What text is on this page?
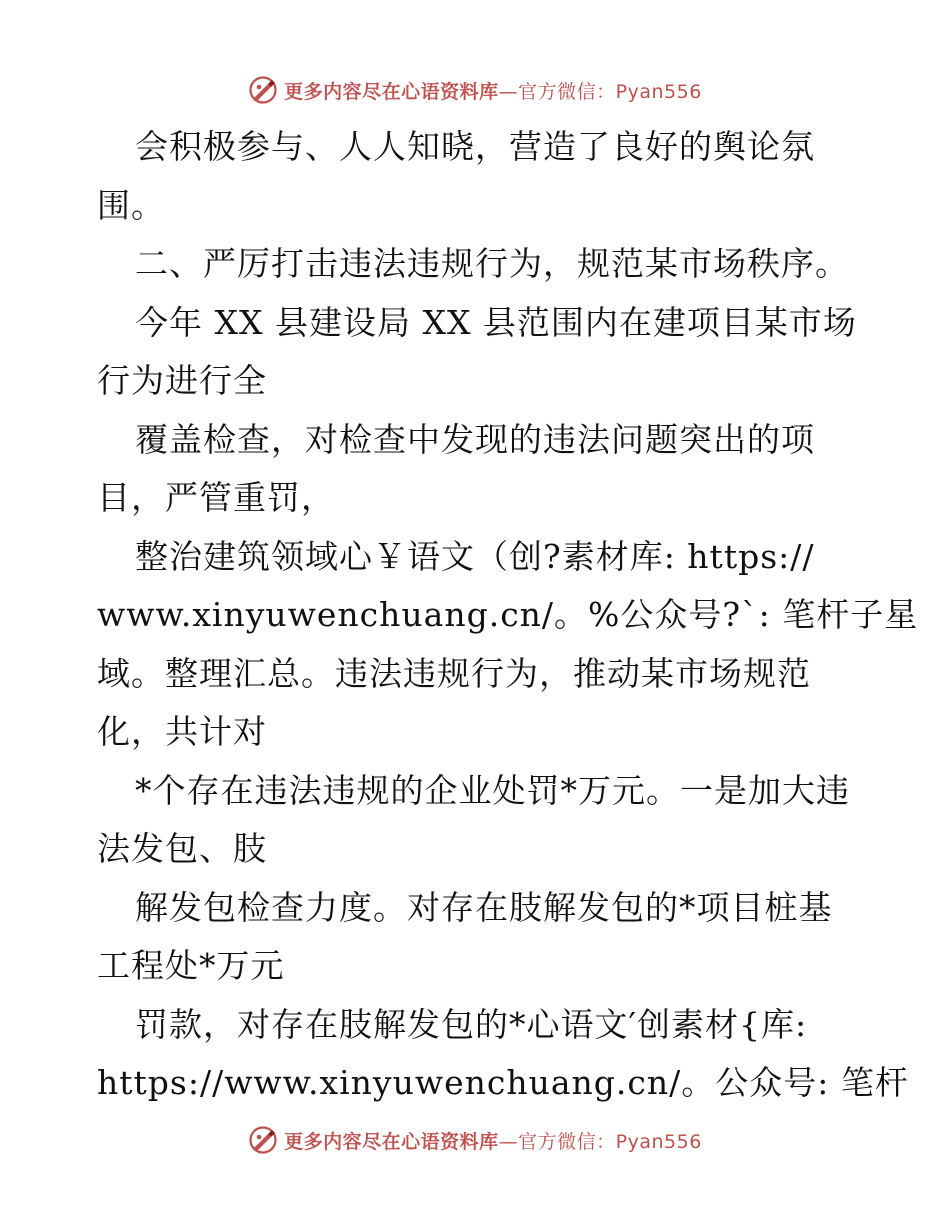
更多内容尽在心语资料库—官方微信：Pyan556
会积极参与、人人知晓，营造了良好的舆论氛
围。
二、严厉打击违法违规行为，规范某市场秩序。
今年 XX 县建设局 XX 县范围内在建项目某市场
行为进行全
覆盖检查，对检查中发现的违法问题突出的项
目，严管重罚，
整治建筑领域心￥语文（创?素材库: https://
www.xinyuwenchuang.cn/。%公众号?`: 笔杆子星
域。整理汇总。违法违规行为，推动某市场规范
化，共计对
*个存在违法违规的企业处罚*万元。一是加大违
法发包、肢
解发包检查力度。对存在肢解发包的*项目桩基
工程处*万元
罚款，对存在肢解发包的*心语文′创素材{库:
https://www.xinyuwenchuang.cn/。公众号: 笔杆
更多内容尽在心语资料库—官方微信：Pyan556
